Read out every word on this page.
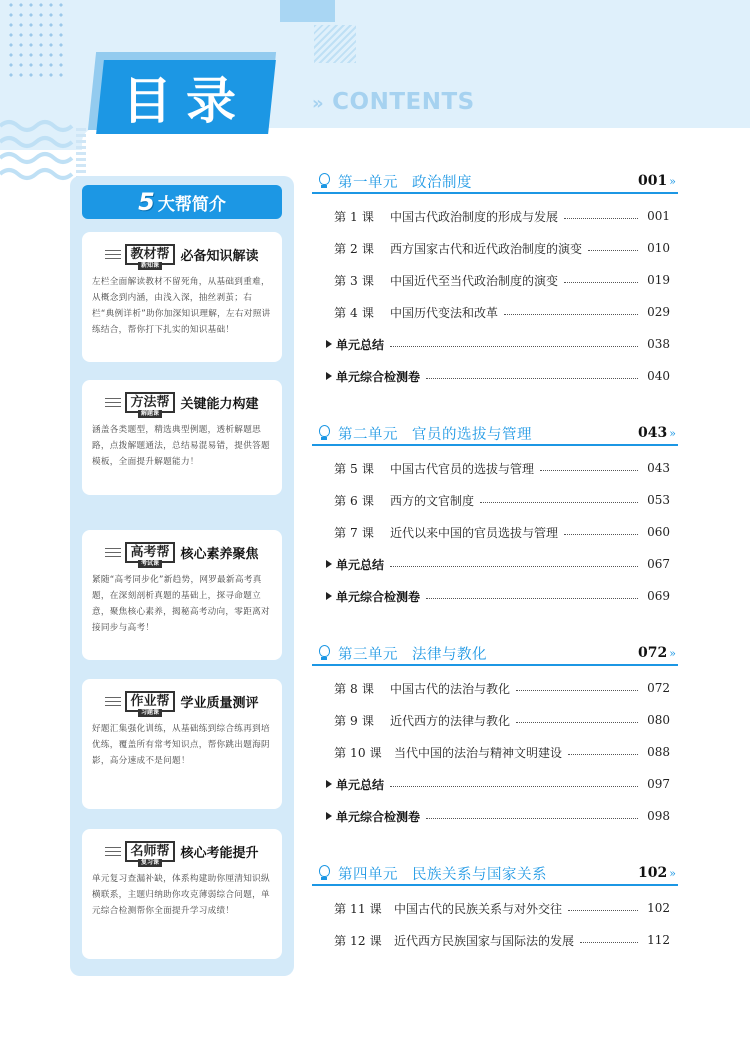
目录	» CONTENTS
5 大帮简介
教材帮
新知课
必备知识解读
左栏全面解读教材不留死角，从基础到重难，从概念到内涵，由浅入深，抽丝剥茧；右栏“典例详析”助你加深知识理解，左右对照讲练结合，帮你打下扎实的知识基础！
方法帮
解题课
关键能力构建
涵盖各类题型，精选典型例题，透析解题思路，点拨解题通法，总结易混易错，提供答题模板，全面提升解题能力！
高考帮
考试课
核心素养聚焦
紧随“高考同步化”新趋势，网罗最新高考真题，在深刻剖析真题的基础上，探寻命题立意，聚焦核心素养，揭秘高考动向，零距离对接同步与高考！
作业帮
习题课
学业质量测评
好题汇集强化训练，从基础练到综合练再到培优练，覆盖所有常考知识点，帮你跳出题海阴影，高分速成不是问题！
名师帮
复习课
核心考能提升
单元复习查漏补缺，体系构建助你厘清知识纵横联系，主题归纳助你攻克薄弱综合问题，单元综合检测帮你全面提升学习成绩！
第一单元 政治制度	001 »
第 1 课	中国古代政治制度的形成与发展	001
第 2 课	西方国家古代和近代政治制度的演变	010
第 3 课	中国近代至当代政治制度的演变	019
第 4 课	中国历代变法和改革	029
单元总结	038
单元综合检测卷	040
第二单元 官员的选拔与管理	043 »
第 5 课	中国古代官员的选拔与管理	043
第 6 课	西方的文官制度	053
第 7 课	近代以来中国的官员选拔与管理	060
单元总结	067
单元综合检测卷	069
第三单元 法律与教化	072 »
第 8 课	中国古代的法治与教化	072
第 9 课	近代西方的法律与教化	080
第 10 课	当代中国的法治与精神文明建设	088
单元总结	097
单元综合检测卷	098
第四单元 民族关系与国家关系	102 »
第 11 课	中国古代的民族关系与对外交往	102
第 12 课	近代西方民族国家与国际法的发展	112
